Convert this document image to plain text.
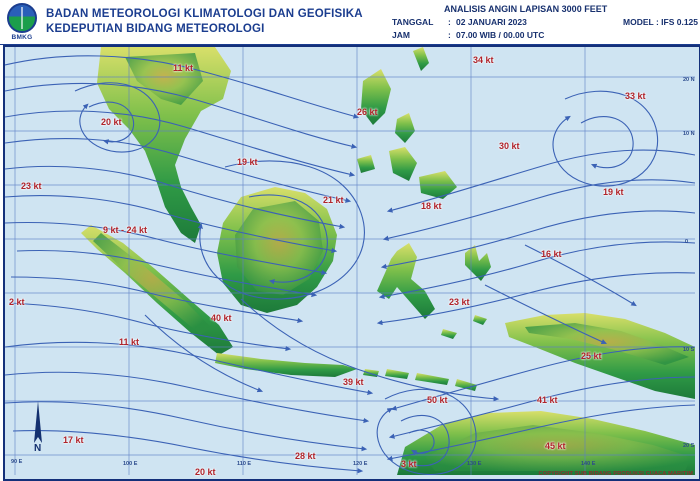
BMKG
BADAN METEOROLOGI KLIMATOLOGI DAN GEOFISIKA
KEDEPUTIAN BIDANG METEOROLOGI
ANALISIS ANGIN LAPISAN 3000 FEET
TANGGAL	: 02 JANUARI 2023	MODEL : IFS 0.125
JAM	: 07.00 WIB / 00.00 UTC
11 kt
34 kt
33 kt
20 kt
26 kt
30 kt
19 kt
23 kt
19 kt
21 kt
18 kt
9 kt - 24 kt
16 kt
23 kt
2 kt
40 kt
11 kt
25 kt
39 kt
50 kt	41 kt
17 kt
28 kt
45 kt
20 kt
3 kt
20 N
10 N
0
10 S
20 S
90 E	100 E	110 E	120 E	130 E	140 E
N
COPYRIGHT SUB BIDANG PRODUKSI CUACA MARITIM
